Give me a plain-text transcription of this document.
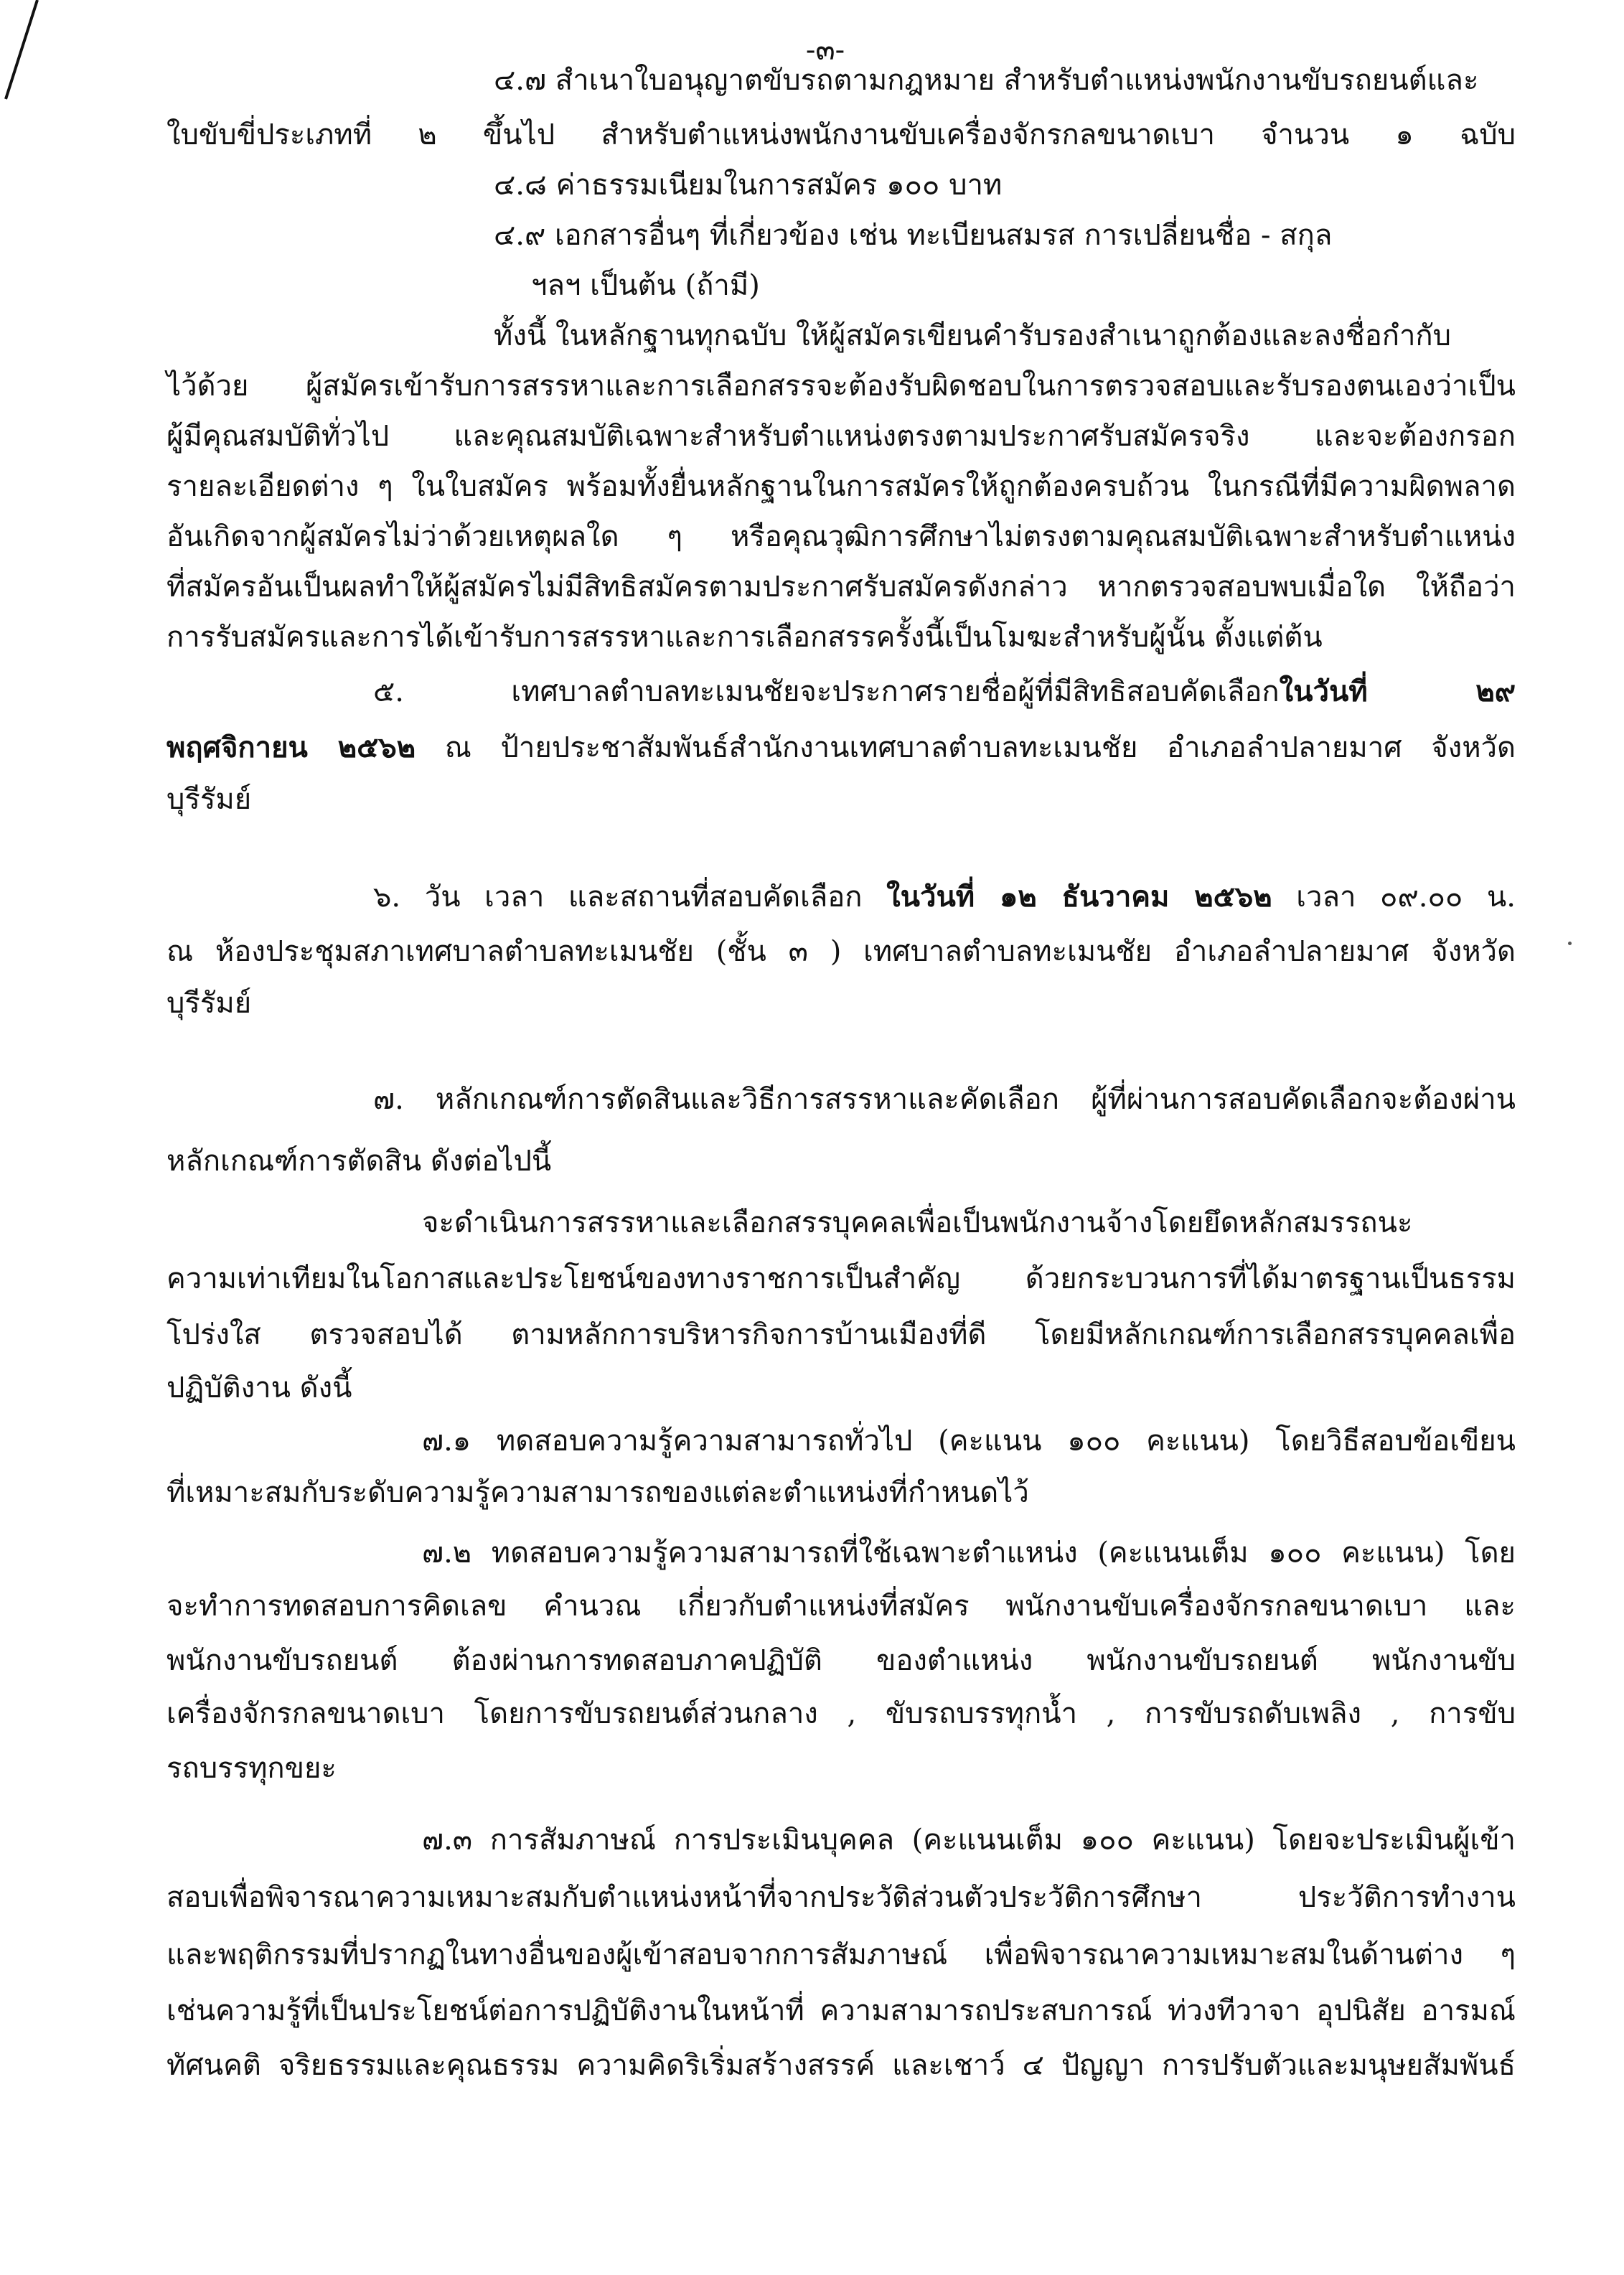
-๓-
๔.๗ สำเนาใบอนุญาตขับรถตามกฎหมาย สำหรับตำแหน่งพนักงานขับรถยนต์และ
ใบขับขี่ประเภทที่ ๒ ขึ้นไป สำหรับตำแหน่งพนักงานขับเครื่องจักรกลขนาดเบา จำนวน ๑ ฉบับ
๔.๘ ค่าธรรมเนียมในการสมัคร ๑๐๐ บาท
๔.๙ เอกสารอื่นๆ ที่เกี่ยวข้อง เช่น ทะเบียนสมรส การเปลี่ยนชื่อ - สกุล
ฯลฯ เป็นต้น (ถ้ามี)
ทั้งนี้ ในหลักฐานทุกฉบับ ให้ผู้สมัครเขียนคำรับรองสำเนาถูกต้องและลงชื่อกำกับ
ไว้ด้วย ผู้สมัครเข้ารับการสรรหาและการเลือกสรรจะต้องรับผิดชอบในการตรวจสอบและรับรองตนเองว่าเป็น
ผู้มีคุณสมบัติทั่วไป และคุณสมบัติเฉพาะสำหรับตำแหน่งตรงตามประกาศรับสมัครจริง และจะต้องกรอก
รายละเอียดต่าง ๆ ในใบสมัคร พร้อมทั้งยื่นหลักฐานในการสมัครให้ถูกต้องครบถ้วน ในกรณีที่มีความผิดพลาด
อันเกิดจากผู้สมัครไม่ว่าด้วยเหตุผลใด ๆ หรือคุณวุฒิการศึกษาไม่ตรงตามคุณสมบัติเฉพาะสำหรับตำแหน่ง
ที่สมัครอันเป็นผลทำให้ผู้สมัครไม่มีสิทธิสมัครตามประกาศรับสมัครดังกล่าว หากตรวจสอบพบเมื่อใด ให้ถือว่า
การรับสมัครและการได้เข้ารับการสรรหาและการเลือกสรรครั้งนี้เป็นโมฆะสำหรับผู้นั้น ตั้งแต่ต้น
๕. เทศบาลตำบลทะเมนชัยจะประกาศรายชื่อผู้ที่มีสิทธิสอบคัดเลือกในวันที่ ๒๙
พฤศจิกายน ๒๕๖๒ ณ ป้ายประชาสัมพันธ์สำนักงานเทศบาลตำบลทะเมนชัย อำเภอลำปลายมาศ จังหวัด
บุรีรัมย์
๖. วัน เวลา และสถานที่สอบคัดเลือก ในวันที่ ๑๒ ธันวาคม ๒๕๖๒ เวลา ๐๙.๐๐ น.
ณ ห้องประชุมสภาเทศบาลตำบลทะเมนชัย (ชั้น ๓ ) เทศบาลตำบลทะเมนชัย อำเภอลำปลายมาศ จังหวัด
บุรีรัมย์
๗. หลักเกณฑ์การตัดสินและวิธีการสรรหาและคัดเลือก ผู้ที่ผ่านการสอบคัดเลือกจะต้องผ่าน
หลักเกณฑ์การตัดสิน ดังต่อไปนี้
จะดำเนินการสรรหาและเลือกสรรบุคคลเพื่อเป็นพนักงานจ้างโดยยึดหลักสมรรถนะ
ความเท่าเทียมในโอกาสและประโยชน์ของทางราชการเป็นสำคัญ ด้วยกระบวนการที่ได้มาตรฐานเป็นธรรม
โปร่งใส ตรวจสอบได้ ตามหลักการบริหารกิจการบ้านเมืองที่ดี โดยมีหลักเกณฑ์การเลือกสรรบุคคลเพื่อ
ปฏิบัติงาน ดังนี้
๗.๑ ทดสอบความรู้ความสามารถทั่วไป (คะแนน ๑๐๐ คะแนน) โดยวิธีสอบข้อเขียน
ที่เหมาะสมกับระดับความรู้ความสามารถของแต่ละตำแหน่งที่กำหนดไว้
๗.๒ ทดสอบความรู้ความสามารถที่ใช้เฉพาะตำแหน่ง (คะแนนเต็ม ๑๐๐ คะแนน) โดย
จะทำการทดสอบการคิดเลข คำนวณ เกี่ยวกับตำแหน่งที่สมัคร พนักงานขับเครื่องจักรกลขนาดเบา และ
พนักงานขับรถยนต์ ต้องผ่านการทดสอบภาคปฏิบัติ ของตำแหน่ง พนักงานขับรถยนต์ พนักงานขับ
เครื่องจักรกลขนาดเบา โดยการขับรถยนต์ส่วนกลาง , ขับรถบรรทุกน้ำ , การขับรถดับเพลิง , การขับ
รถบรรทุกขยะ
๗.๓ การสัมภาษณ์ การประเมินบุคคล (คะแนนเต็ม ๑๐๐ คะแนน) โดยจะประเมินผู้เข้า
สอบเพื่อพิจารณาความเหมาะสมกับตำแหน่งหน้าที่จากประวัติส่วนตัวประวัติการศึกษา ประวัติการทำงาน
และพฤติกรรมที่ปรากฏในทางอื่นของผู้เข้าสอบจากการสัมภาษณ์ เพื่อพิจารณาความเหมาะสมในด้านต่าง ๆ
เช่นความรู้ที่เป็นประโยชน์ต่อการปฏิบัติงานในหน้าที่ ความสามารถประสบการณ์ ท่วงทีวาจา อุปนิสัย อารมณ์
ทัศนคติ จริยธรรมและคุณธรรม ความคิดริเริ่มสร้างสรรค์ และเชาว์ ๔ ปัญญา การปรับตัวและมนุษยสัมพันธ์
